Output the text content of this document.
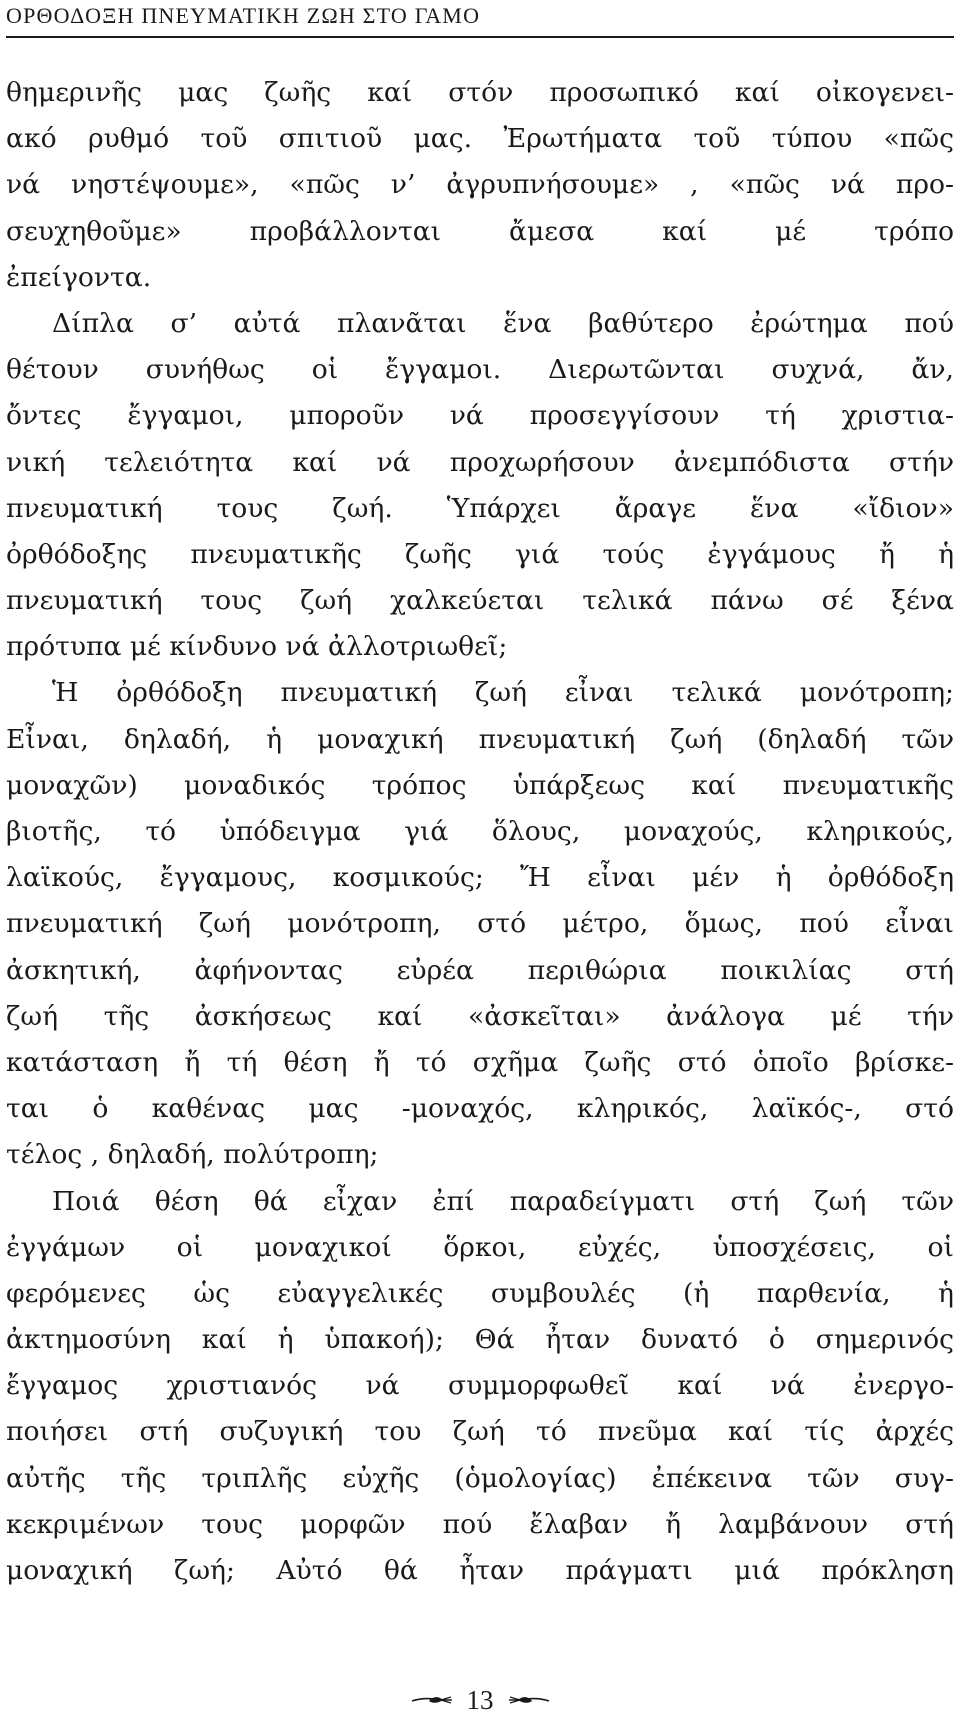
ΟΡΘΟΔΟΞΗ ΠΝΕΥΜΑΤΙΚΗ ΖΩΗ ΣΤΟ ΓΑΜΟ
θημερινῆς μας ζωῆς καί στόν προσωπικό καί οἰκογενει-
ακό ρυθμό τοῦ σπιτιοῦ μας. Ἐρωτήματα τοῦ τύπου «πῶς
νά νηστέψουμε», «πῶς ν’ ἀγρυπνήσουμε» , «πῶς νά προ-
σευχηθοῦμε» προβάλλονται ἄμεσα καί μέ τρόπο
ἐπείγοντα.
Δίπλα σ’ αὐτά πλανᾶται ἕνα βαθύτερο ἐρώτημα πού
θέτουν συνήθως οἱ ἔγγαμοι. Διερωτῶνται συχνά, ἄν,
ὄντες ἔγγαμοι, μποροῦν νά προσεγγίσουν τή χριστια-
νική τελειότητα καί νά προχωρήσουν ἀνεμπόδιστα στήν
πνευματική τους ζωή. Ὑπάρχει ἄραγε ἕνα «ἴδιον»
ὀρθόδοξης πνευματικῆς ζωῆς γιά τούς ἐγγάμους ἤ ἡ
πνευματική τους ζωή χαλκεύεται τελικά πάνω σέ ξένα
πρότυπα μέ κίνδυνο νά ἀλλοτριωθεῖ;
Ἡ ὀρθόδοξη πνευματική ζωή εἶναι τελικά μονότροπη;
Εἶναι, δηλαδή, ἡ μοναχική πνευματική ζωή (δηλαδή τῶν
μοναχῶν) μοναδικός τρόπος ὑπάρξεως καί πνευματικῆς
βιοτῆς, τό ὑπόδειγμα γιά ὅλους, μοναχούς, κληρικούς,
λαϊκούς, ἔγγαμους, κοσμικούς; Ἤ εἶναι μέν ἡ ὀρθόδοξη
πνευματική ζωή μονότροπη, στό μέτρο, ὅμως, πού εἶναι
ἀσκητική, ἀφήνοντας εὐρέα περιθώρια ποικιλίας στή
ζωή τῆς ἀσκήσεως καί «ἀσκεῖται» ἀνάλογα μέ τήν
κατάσταση ἤ τή θέση ἤ τό σχῆμα ζωῆς στό ὁποῖο βρίσκε-
ται ὁ καθένας μας -μοναχός, κληρικός, λαϊκός-, στό
τέλος , δηλαδή, πολύτροπη;
Ποιά θέση θά εἶχαν ἐπί παραδείγματι στή ζωή τῶν
ἐγγάμων οἱ μοναχικοί ὅρκοι, εὐχές, ὑποσχέσεις, οἱ
φερόμενες ὡς εὐαγγελικές συμβουλές (ἡ παρθενία, ἡ
ἀκτημοσύνη καί ἡ ὑπακοή); Θά ἦταν δυνατό ὁ σημερινός
ἔγγαμος χριστιανός νά συμμορφωθεῖ καί νά ἐνεργο-
ποιήσει στή συζυγική του ζωή τό πνεῦμα καί τίς ἀρχές
αὐτῆς τῆς τριπλῆς εὐχῆς (ὁμολογίας) ἐπέκεινα τῶν συγ-
κεκριμένων τους μορφῶν πού ἔλαβαν ἤ λαμβάνουν στή
μοναχική ζωή; Αὐτό θά ἦταν πράγματι μιά πρόκληση
13
